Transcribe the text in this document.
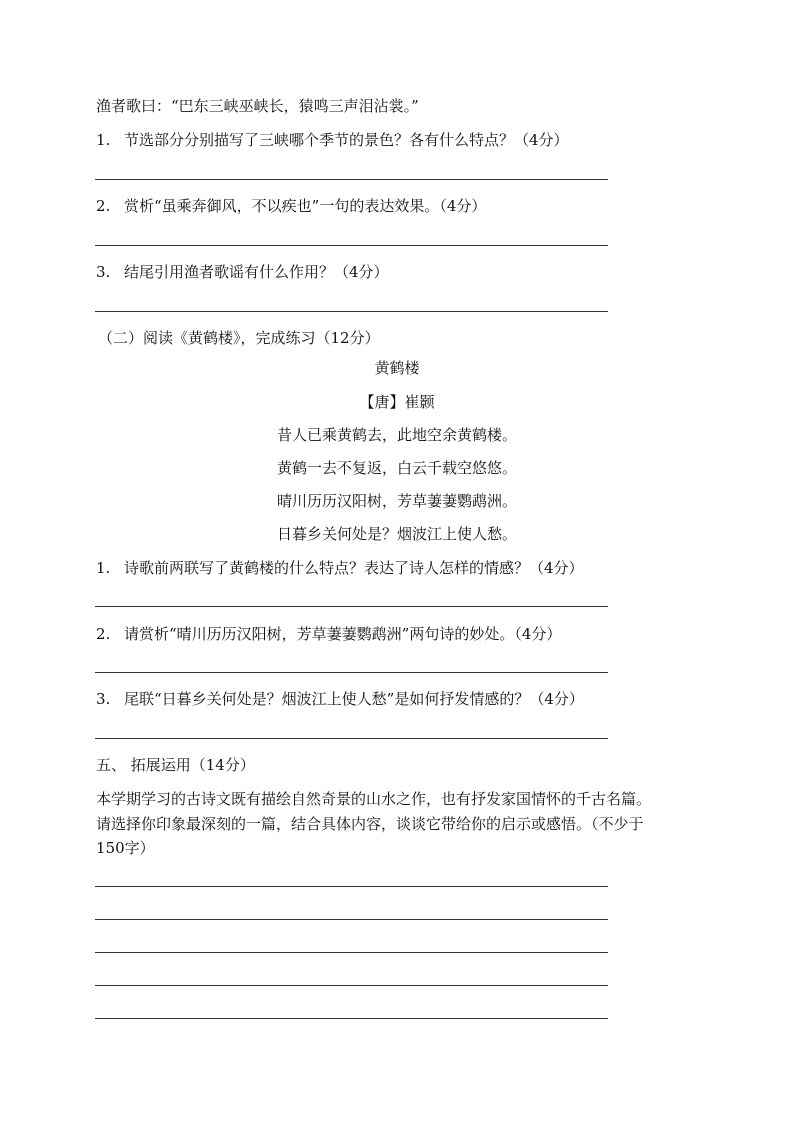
渔者歌曰：“巴东三峡巫峡长，猿鸣三声泪沾裳。”
1. 节选部分分别描写了三峡哪个季节的景色？各有什么特点？（4分）
2. 赏析“虽乘奔御风，不以疾也”一句的表达效果。（4分）
3. 结尾引用渔者歌谣有什么作用？（4分）
（二）阅读《黄鹤楼》，完成练习（12分）
黄鹤楼
【唐】崔颢
昔人已乘黄鹤去，此地空余黄鹤楼。
黄鹤一去不复返，白云千载空悠悠。
晴川历历汉阳树，芳草萋萋鹦鹉洲。
日暮乡关何处是？烟波江上使人愁。
1. 诗歌前两联写了黄鹤楼的什么特点？表达了诗人怎样的情感？（4分）
2. 请赏析“晴川历历汉阳树，芳草萋萋鹦鹉洲”两句诗的妙处。（4分）
3. 尾联“日暮乡关何处是？烟波江上使人愁”是如何抒发情感的？（4分）
五、 拓展运用（14分）
本学期学习的古诗文既有描绘自然奇景的山水之作，也有抒发家国情怀的千古名篇。
请选择你印象最深刻的一篇，结合具体内容，谈谈它带给你的启示或感悟。（不少于
150字）
